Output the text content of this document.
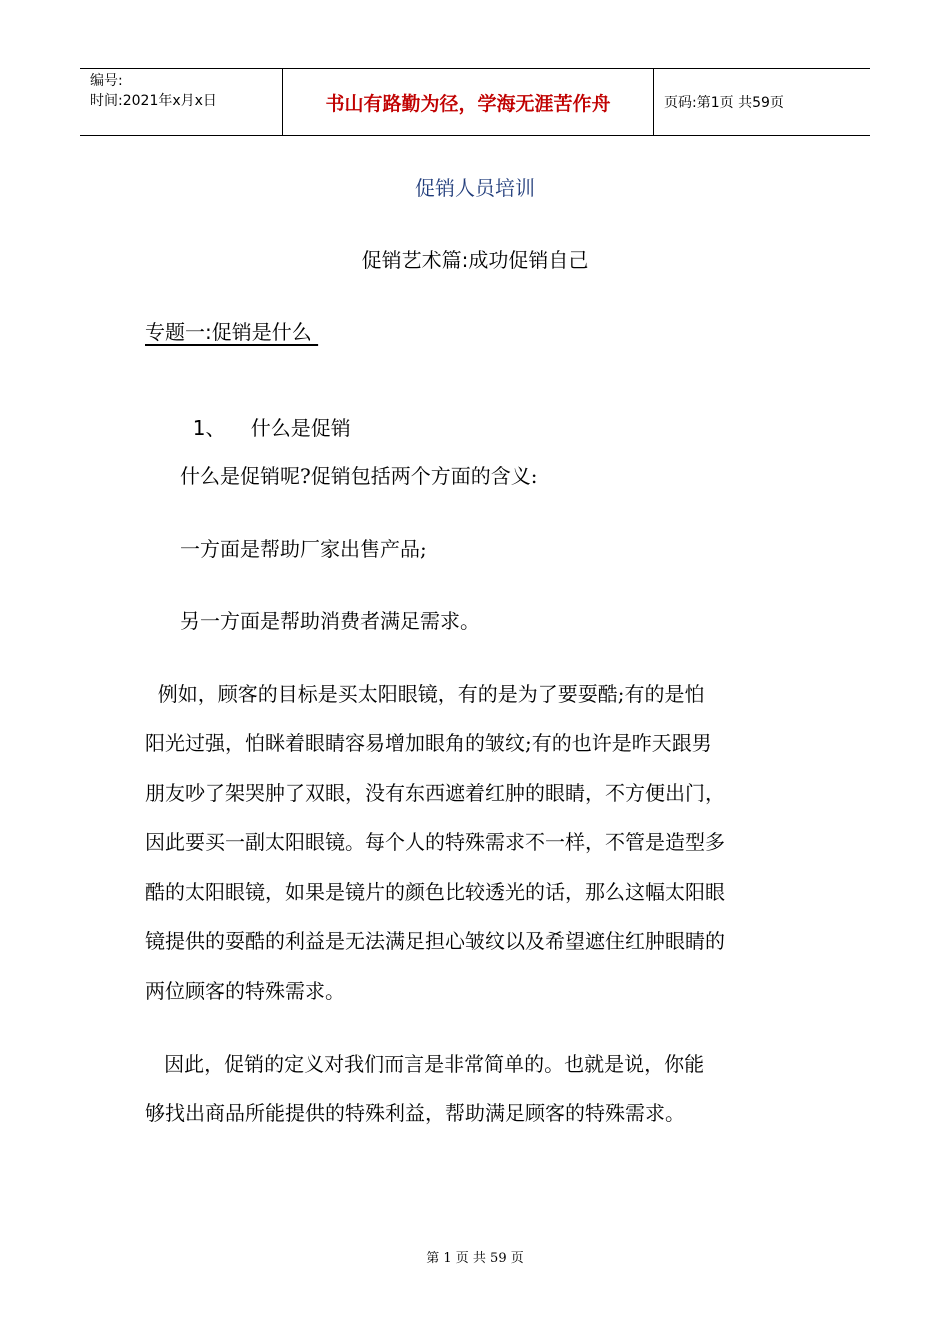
编号:
时间:2021年x月x日	书山有路勤为径，学海无涯苦作舟	页码:第1页 共59页
促销人员培训
促销艺术篇:成功促销自己
专题一:促销是什么

1、 什么是促销

什么是促销呢?促销包括两个方面的含义:
一方面是帮助厂家出售产品;
另一方面是帮助消费者满足需求。
例如，顾客的目标是买太阳眼镜，有的是为了要耍酷;有的是怕
阳光过强，怕眯着眼睛容易增加眼角的皱纹;有的也许是昨天跟男
朋友吵了架哭肿了双眼，没有东西遮着红肿的眼睛，不方便出门，
因此要买一副太阳眼镜。每个人的特殊需求不一样，不管是造型多
酷的太阳眼镜，如果是镜片的颜色比较透光的话，那么这幅太阳眼
镜提供的耍酷的利益是无法满足担心皱纹以及希望遮住红肿眼睛的
两位顾客的特殊需求。
因此，促销的定义对我们而言是非常简单的。也就是说，你能
够找出商品所能提供的特殊利益，帮助满足顾客的特殊需求。
第 1 页 共 59 页
